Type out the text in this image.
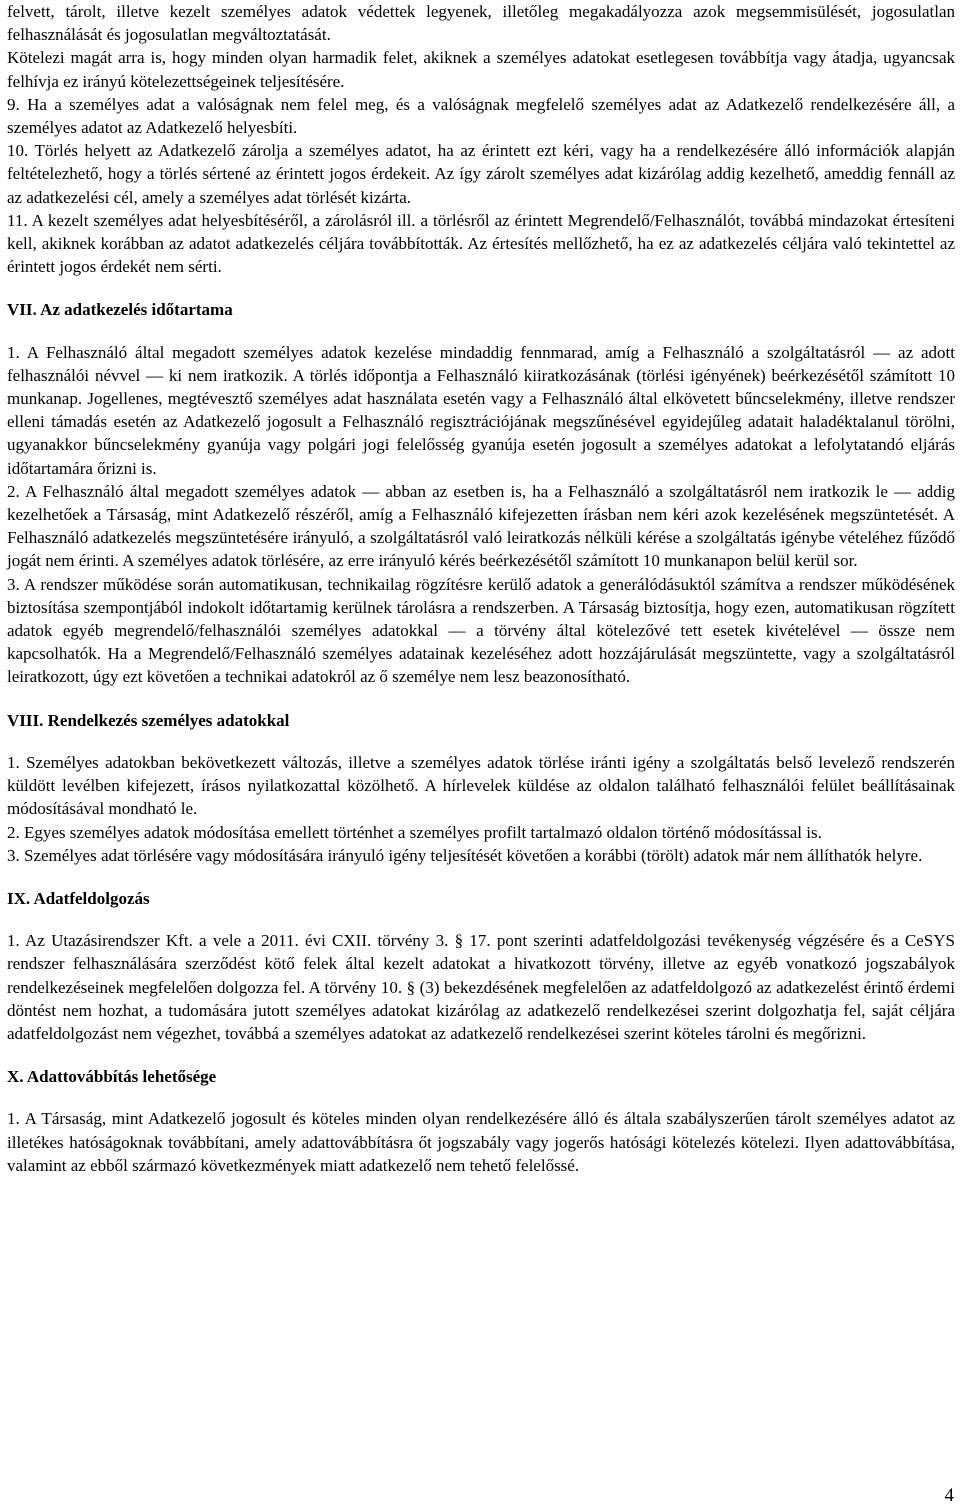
felvett, tárolt, illetve kezelt személyes adatok védettek legyenek, illetőleg megakadályozza azok megsemmisülését, jogosulatlan felhasználását és jogosulatlan megváltoztatását.

Kötelezi magát arra is, hogy minden olyan harmadik felet, akiknek a személyes adatokat esetlegesen továbbítja vagy átadja, ugyancsak felhívja ez irányú kötelezettségeinek teljesítésére.

9. Ha a személyes adat a valóságnak nem felel meg, és a valóságnak megfelelő személyes adat az Adatkezelő rendelkezésére áll, a személyes adatot az Adatkezelő helyesbíti.

10. Törlés helyett az Adatkezelő zárolja a személyes adatot, ha az érintett ezt kéri, vagy ha a rendelkezésére álló információk alapján feltételezhető, hogy a törlés sértené az érintett jogos érdekeit. Az így zárolt személyes adat kizárólag addig kezelhető, ameddig fennáll az az adatkezelési cél, amely a személyes adat törlését kizárta.

11. A kezelt személyes adat helyesbítéséről, a zárolásról ill. a törlésről az érintett Megrendelő/Felhasználót, továbbá mindazokat értesíteni kell, akiknek korábban az adatot adatkezelés céljára továbbították. Az értesítés mellőzhető, ha ez az adatkezelés céljára való tekintettel az érintett jogos érdekét nem sérti.

VII. Az adatkezelés időtartama

1. A Felhasználó által megadott személyes adatok kezelése mindaddig fennmarad, amíg a Felhasználó a szolgáltatásról — az adott felhasználói névvel — ki nem iratkozik. A törlés időpontja a Felhasználó kiiratkozásának (törlési igényének) beérkezésétől számított 10 munkanap. Jogellenes, megtévesztő személyes adat használata esetén vagy a Felhasználó által elkövetett bűncselekmény, illetve rendszer elleni támadás esetén az Adatkezelő jogosult a Felhasználó regisztrációjának megszűnésével egyidejűleg adatait haladéktalanul törölni, ugyanakkor bűncselekmény gyanúja vagy polgári jogi felelősség gyanúja esetén jogosult a személyes adatokat a lefolytatandó eljárás időtartamára őrizni is.

2. A Felhasználó által megadott személyes adatok — abban az esetben is, ha a Felhasználó a szolgáltatásról nem iratkozik le — addig kezelhetőek a Társaság, mint Adatkezelő részéről, amíg a Felhasználó kifejezetten írásban nem kéri azok kezelésének megszüntetését. A Felhasználó adatkezelés megszüntetésére irányuló, a szolgáltatásról való leiratkozás nélküli kérése a szolgáltatás igénybe vételéhez fűződő jogát nem érinti. A személyes adatok törlésére, az erre irányuló kérés beérkezésétől számított 10 munkanapon belül kerül sor.

3. A rendszer működése során automatikusan, technikailag rögzítésre kerülő adatok a generálódásuktól számítva a rendszer működésének biztosítása szempontjából indokolt időtartamig kerülnek tárolásra a rendszerben. A Társaság biztosítja, hogy ezen, automatikusan rögzített adatok egyéb megrendelő/felhasználói személyes adatokkal — a törvény által kötelezővé tett esetek kivételével — össze nem kapcsolhatók. Ha a Megrendelő/Felhasználó személyes adatainak kezeléséhez adott hozzájárulását megszüntette, vagy a szolgáltatásról leiratkozott, úgy ezt követően a technikai adatokról az ő személye nem lesz beazonosítható.

VIII. Rendelkezés személyes adatokkal

1. Személyes adatokban bekövetkezett változás, illetve a személyes adatok törlése iránti igény a szolgáltatás belső levelező rendszerén küldött levélben kifejezett, írásos nyilatkozattal közölhető. A hírlevelek küldése az oldalon található felhasználói felület beállításainak módosításával mondható le.

2. Egyes személyes adatok módosítása emellett történhet a személyes profilt tartalmazó oldalon történő módosítással is.

3. Személyes adat törlésére vagy módosítására irányuló igény teljesítését követően a korábbi (törölt) adatok már nem állíthatók helyre.

IX. Adatfeldolgozás

1. Az Utazásirendszer Kft. a vele a 2011. évi CXII. törvény 3. § 17. pont szerinti adatfeldolgozási tevékenység végzésére és a CeSYS rendszer felhasználására szerződést kötő felek által kezelt adatokat a hivatkozott törvény, illetve az egyéb vonatkozó jogszabályok rendelkezéseinek megfelelően dolgozza fel. A törvény 10. § (3) bekezdésének megfelelően az adatfeldolgozó az adatkezelést érintő érdemi döntést nem hozhat, a tudomására jutott személyes adatokat kizárólag az adatkezelő rendelkezései szerint dolgozhatja fel, saját céljára adatfeldolgozást nem végezhet, továbbá a személyes adatokat az adatkezelő rendelkezései szerint köteles tárolni és megőrizni.

X. Adattovábbítás lehetősége

1. A Társaság, mint Adatkezelő jogosult és köteles minden olyan rendelkezésére álló és általa szabályszerűen tárolt személyes adatot az illetékes hatóságoknak továbbítani, amely adattovábbításra őt jogszabály vagy jogerős hatósági kötelezés kötelezi. Ilyen adattovábbítása, valamint az ebből származó következmények miatt adatkezelő nem tehető felelőssé.

4
